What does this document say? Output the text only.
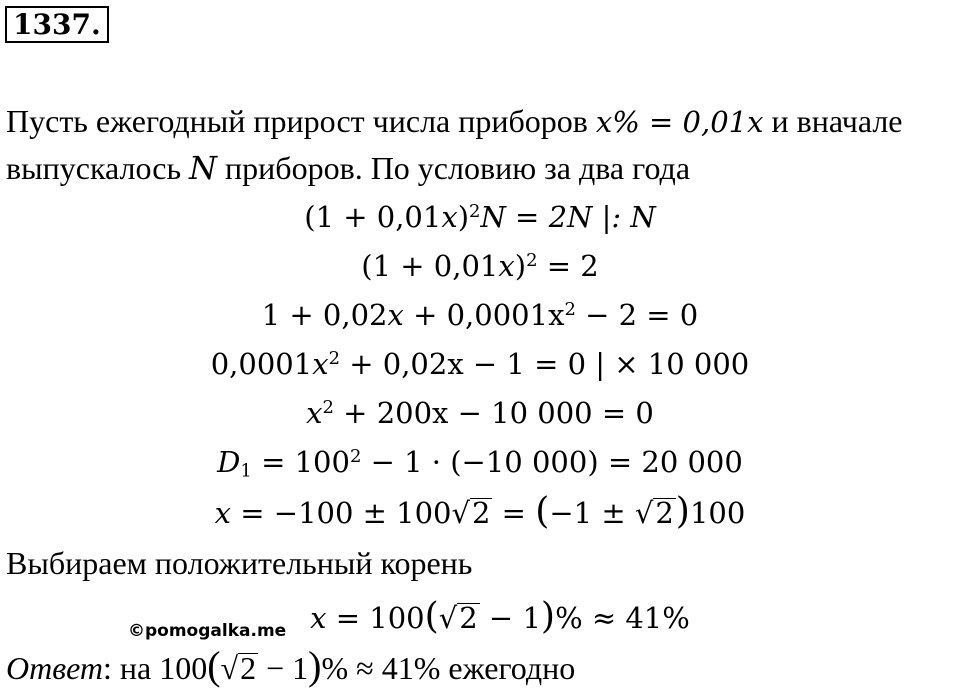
1337.
Пусть ежегодный прирост числа приборов x% = 0,01x и вначале
выпускалось N приборов. По условию за два года
$(1 + 0,01x)^2N = 2N$ |: N
$(1 + 0,01x)^2 = 2$
$1 + 0,02x + 0,0001x^2 - 2 = 0$
$0,0001x^2 + 0,02x - 1 = 0$ | × 10 000
$x^2 + 200x - 10$ 000 = 0
$D_1 = 100^2 - 1 \cdot (-10$ 000) = 20 000
x = −100 ± 100√2 = (−1 ± √2)100
Выбираем положительный корень
x = 100(√2 − 1)% ≈ 41%
©pomogalka.me
Ответ: на 100(√2 − 1)% ≈ 41% ежегодно
